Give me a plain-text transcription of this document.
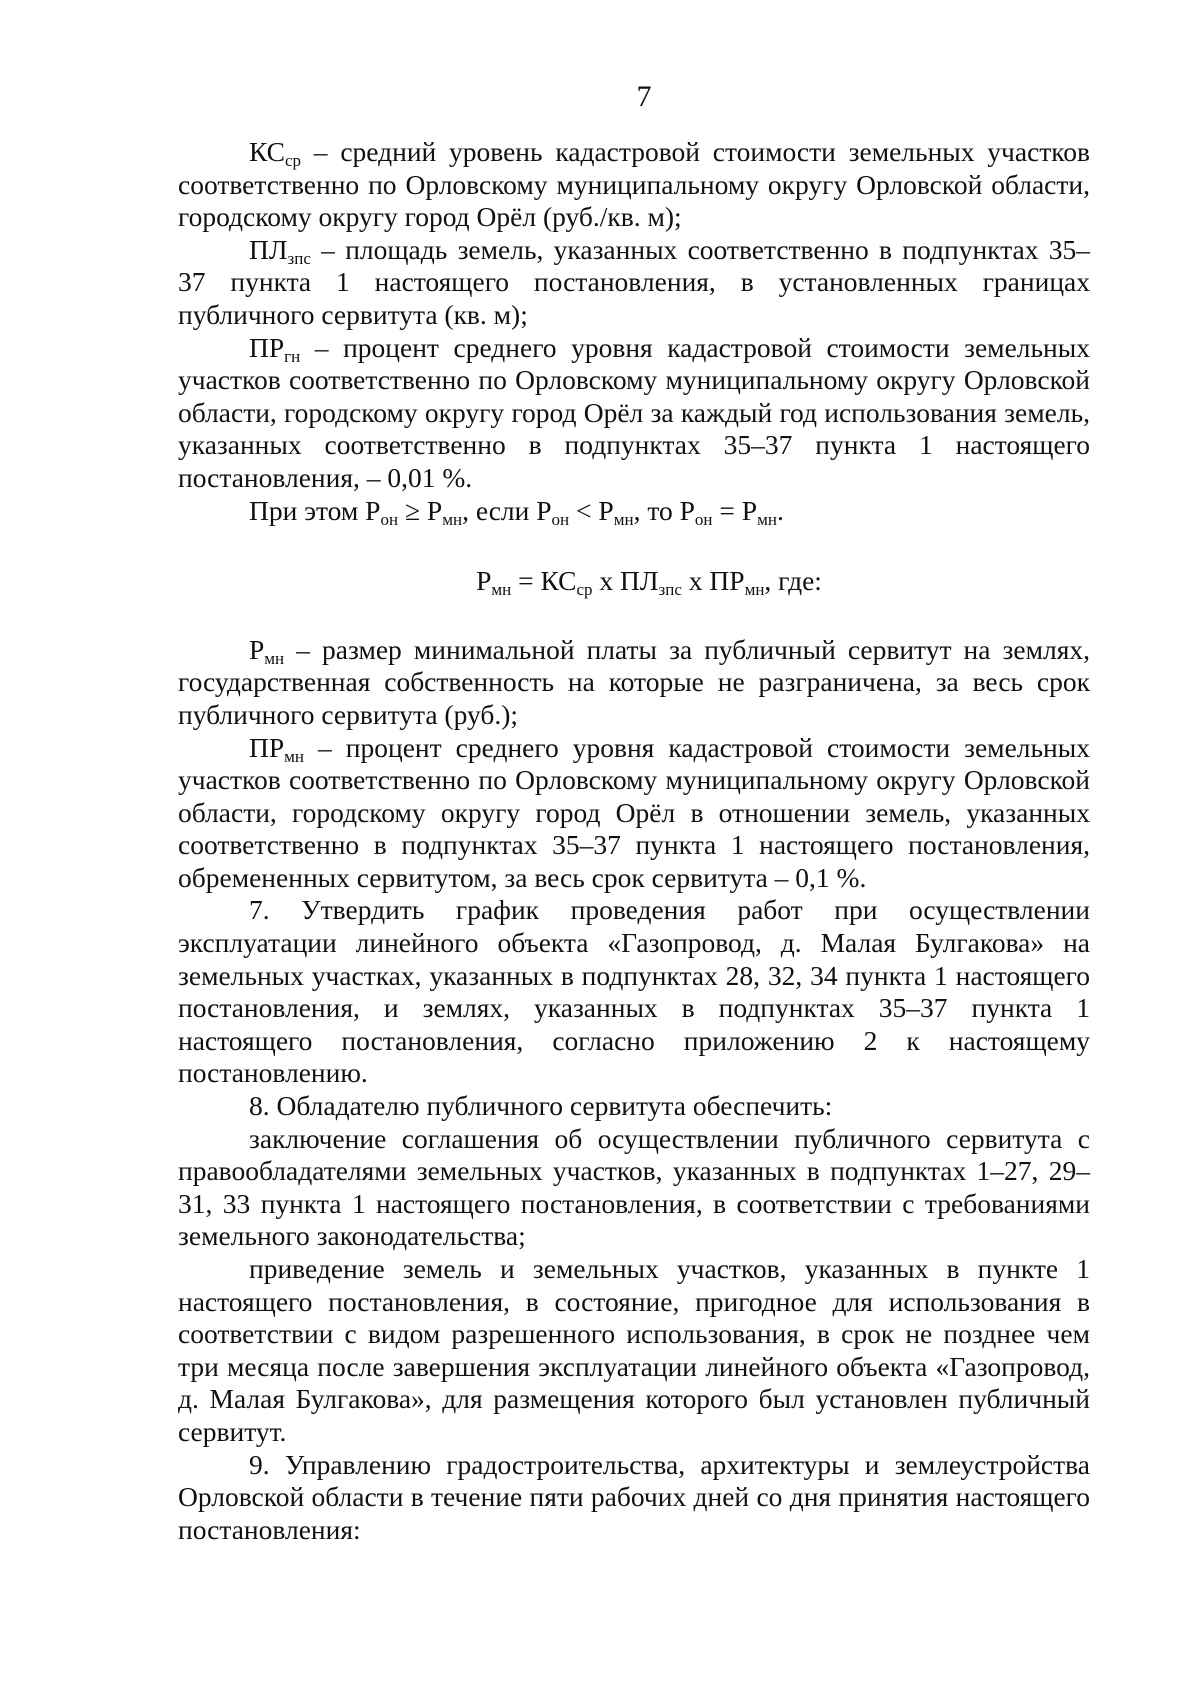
7

$КС_{ср}$ – средний уровень кадастровой стоимости земельных участков соответственно по Орловскому муниципальному округу Орловской области, городскому округу город Орёл (руб./кв. м);

$ПЛ_{зпс}$ – площадь земель, указанных соответственно в подпунктах 35–37 пункта 1 настоящего постановления, в установленных границах публичного сервитута (кв. м);

$ПР_{гн}$ – процент среднего уровня кадастровой стоимости земельных участков соответственно по Орловскому муниципальному округу Орловской области, городскому округу город Орёл за каждый год использования земель, указанных соответственно в подпунктах 35–37 пункта 1 настоящего постановления, – 0,01 %.

При этом $Р_{он} \ge Р_{мн}$, если $Р_{он} < Р_{мн}$, то $Р_{он} = Р_{мн}$.

$Р_{мн} = КС_{ср}$ х $ПЛ_{зпс}$ х $ПР_{мн}$, где:

$Р_{мн}$ – размер минимальной платы за публичный сервитут на землях, государственная собственность на которые не разграничена, за весь срок публичного сервитута (руб.);

$ПР_{мн}$ – процент среднего уровня кадастровой стоимости земельных участков соответственно по Орловскому муниципальному округу Орловской области, городскому округу город Орёл в отношении земель, указанных соответственно в подпунктах 35–37 пункта 1 настоящего постановления, обремененных сервитутом, за весь срок сервитута – 0,1 %.

7. Утвердить график проведения работ при осуществлении эксплуатации линейного объекта «Газопровод, д. Малая Булгакова» на земельных участках, указанных в подпунктах 28, 32, 34 пункта 1 настоящего постановления, и землях, указанных в подпунктах 35–37 пункта 1 настоящего постановления, согласно приложению 2 к настоящему постановлению.

8. Обладателю публичного сервитута обеспечить:

заключение соглашения об осуществлении публичного сервитута с правообладателями земельных участков, указанных в подпунктах 1–27, 29–31, 33 пункта 1 настоящего постановления, в соответствии с требованиями земельного законодательства;

приведение земель и земельных участков, указанных в пункте 1 настоящего постановления, в состояние, пригодное для использования в соответствии с видом разрешенного использования, в срок не позднее чем три месяца после завершения эксплуатации линейного объекта «Газопровод, д. Малая Булгакова», для размещения которого был установлен публичный сервитут.

9. Управлению градостроительства, архитектуры и землеустройства Орловской области в течение пяти рабочих дней со дня принятия настоящего постановления:
